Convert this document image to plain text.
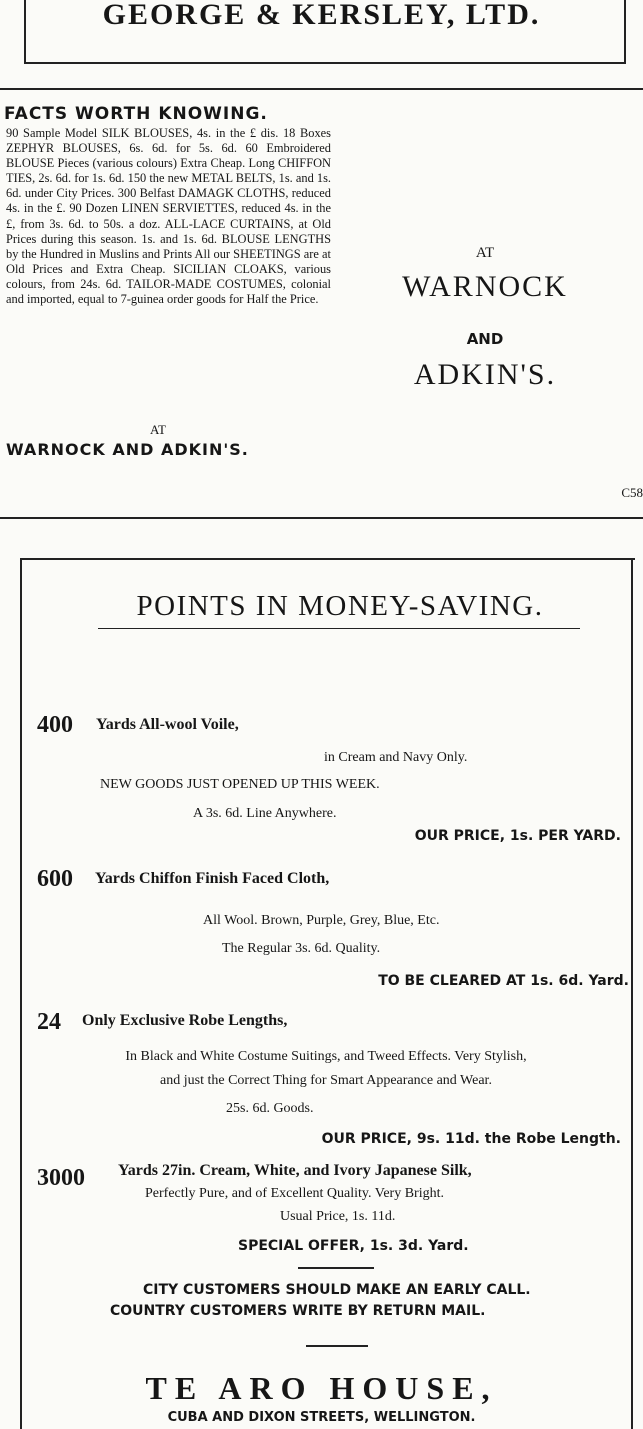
GEORGE & KERSLEY, LTD.
FACTS WORTH KNOWING.

90 Sample Model SILK BLOUSES, 4s. in the £ dis. 18 Boxes ZEPHYR BLOUSES, 6s. 6d. for 5s. 6d. 60 Embroidered BLOUSE Pieces (various colours) Extra Cheap. Long CHIFFON TIES, 2s. 6d. for 1s. 6d. 150 the new METAL BELTS, 1s. and 1s. 6d. under City Prices. 300 Belfast DAMAGK CLOTHS, reduced 4s. in the £. 90 Dozen LINEN SERVIETTES, reduced 4s. in the £, from 3s. 6d. to 50s. a doz. ALL-LACE CURTAINS, at Old Prices during this season. 1s. and 1s. 6d. BLOUSE LENGTHS by the Hundred in Muslins and Prints All our SHEETINGS are at Old Prices and Extra Cheap. SICILIAN CLOAKS, various colours, from 24s. 6d. TAILOR-MADE COSTUMES, colonial and imported, equal to 7-guinea order goods for Half the Price.

AT
WARNOCK AND ADKIN'S.
AT
WARNOCK
AND
ADKIN'S.
C58
POINTS IN MONEY-SAVING.
400 Yards All-wool Voile,
in Cream and Navy Only.
NEW GOODS JUST OPENED UP THIS WEEK.
A 3s. 6d. Line Anywhere.
OUR PRICE, 1s. PER YARD.
600 Yards Chiffon Finish Faced Cloth,
All Wool. Brown, Purple, Grey, Blue, Etc.
The Regular 3s. 6d. Quality.
TO BE CLEARED AT 1s. 6d. Yard.
24 Only Exclusive Robe Lengths,
In Black and White Costume Suitings, and Tweed Effects. Very Stylish,
and just the Correct Thing for Smart Appearance and Wear.
25s. 6d. Goods.
OUR PRICE, 9s. 11d. the Robe Length.
3000 Yards 27in. Cream, White, and Ivory Japanese Silk,
Perfectly Pure, and of Excellent Quality. Very Bright.
Usual Price, 1s. 11d.
SPECIAL OFFER, 1s. 3d. Yard.
CITY CUSTOMERS SHOULD MAKE AN EARLY CALL.
COUNTRY CUSTOMERS WRITE BY RETURN MAIL.
TE ARO HOUSE,
CUBA AND DIXON STREETS, WELLINGTON.
